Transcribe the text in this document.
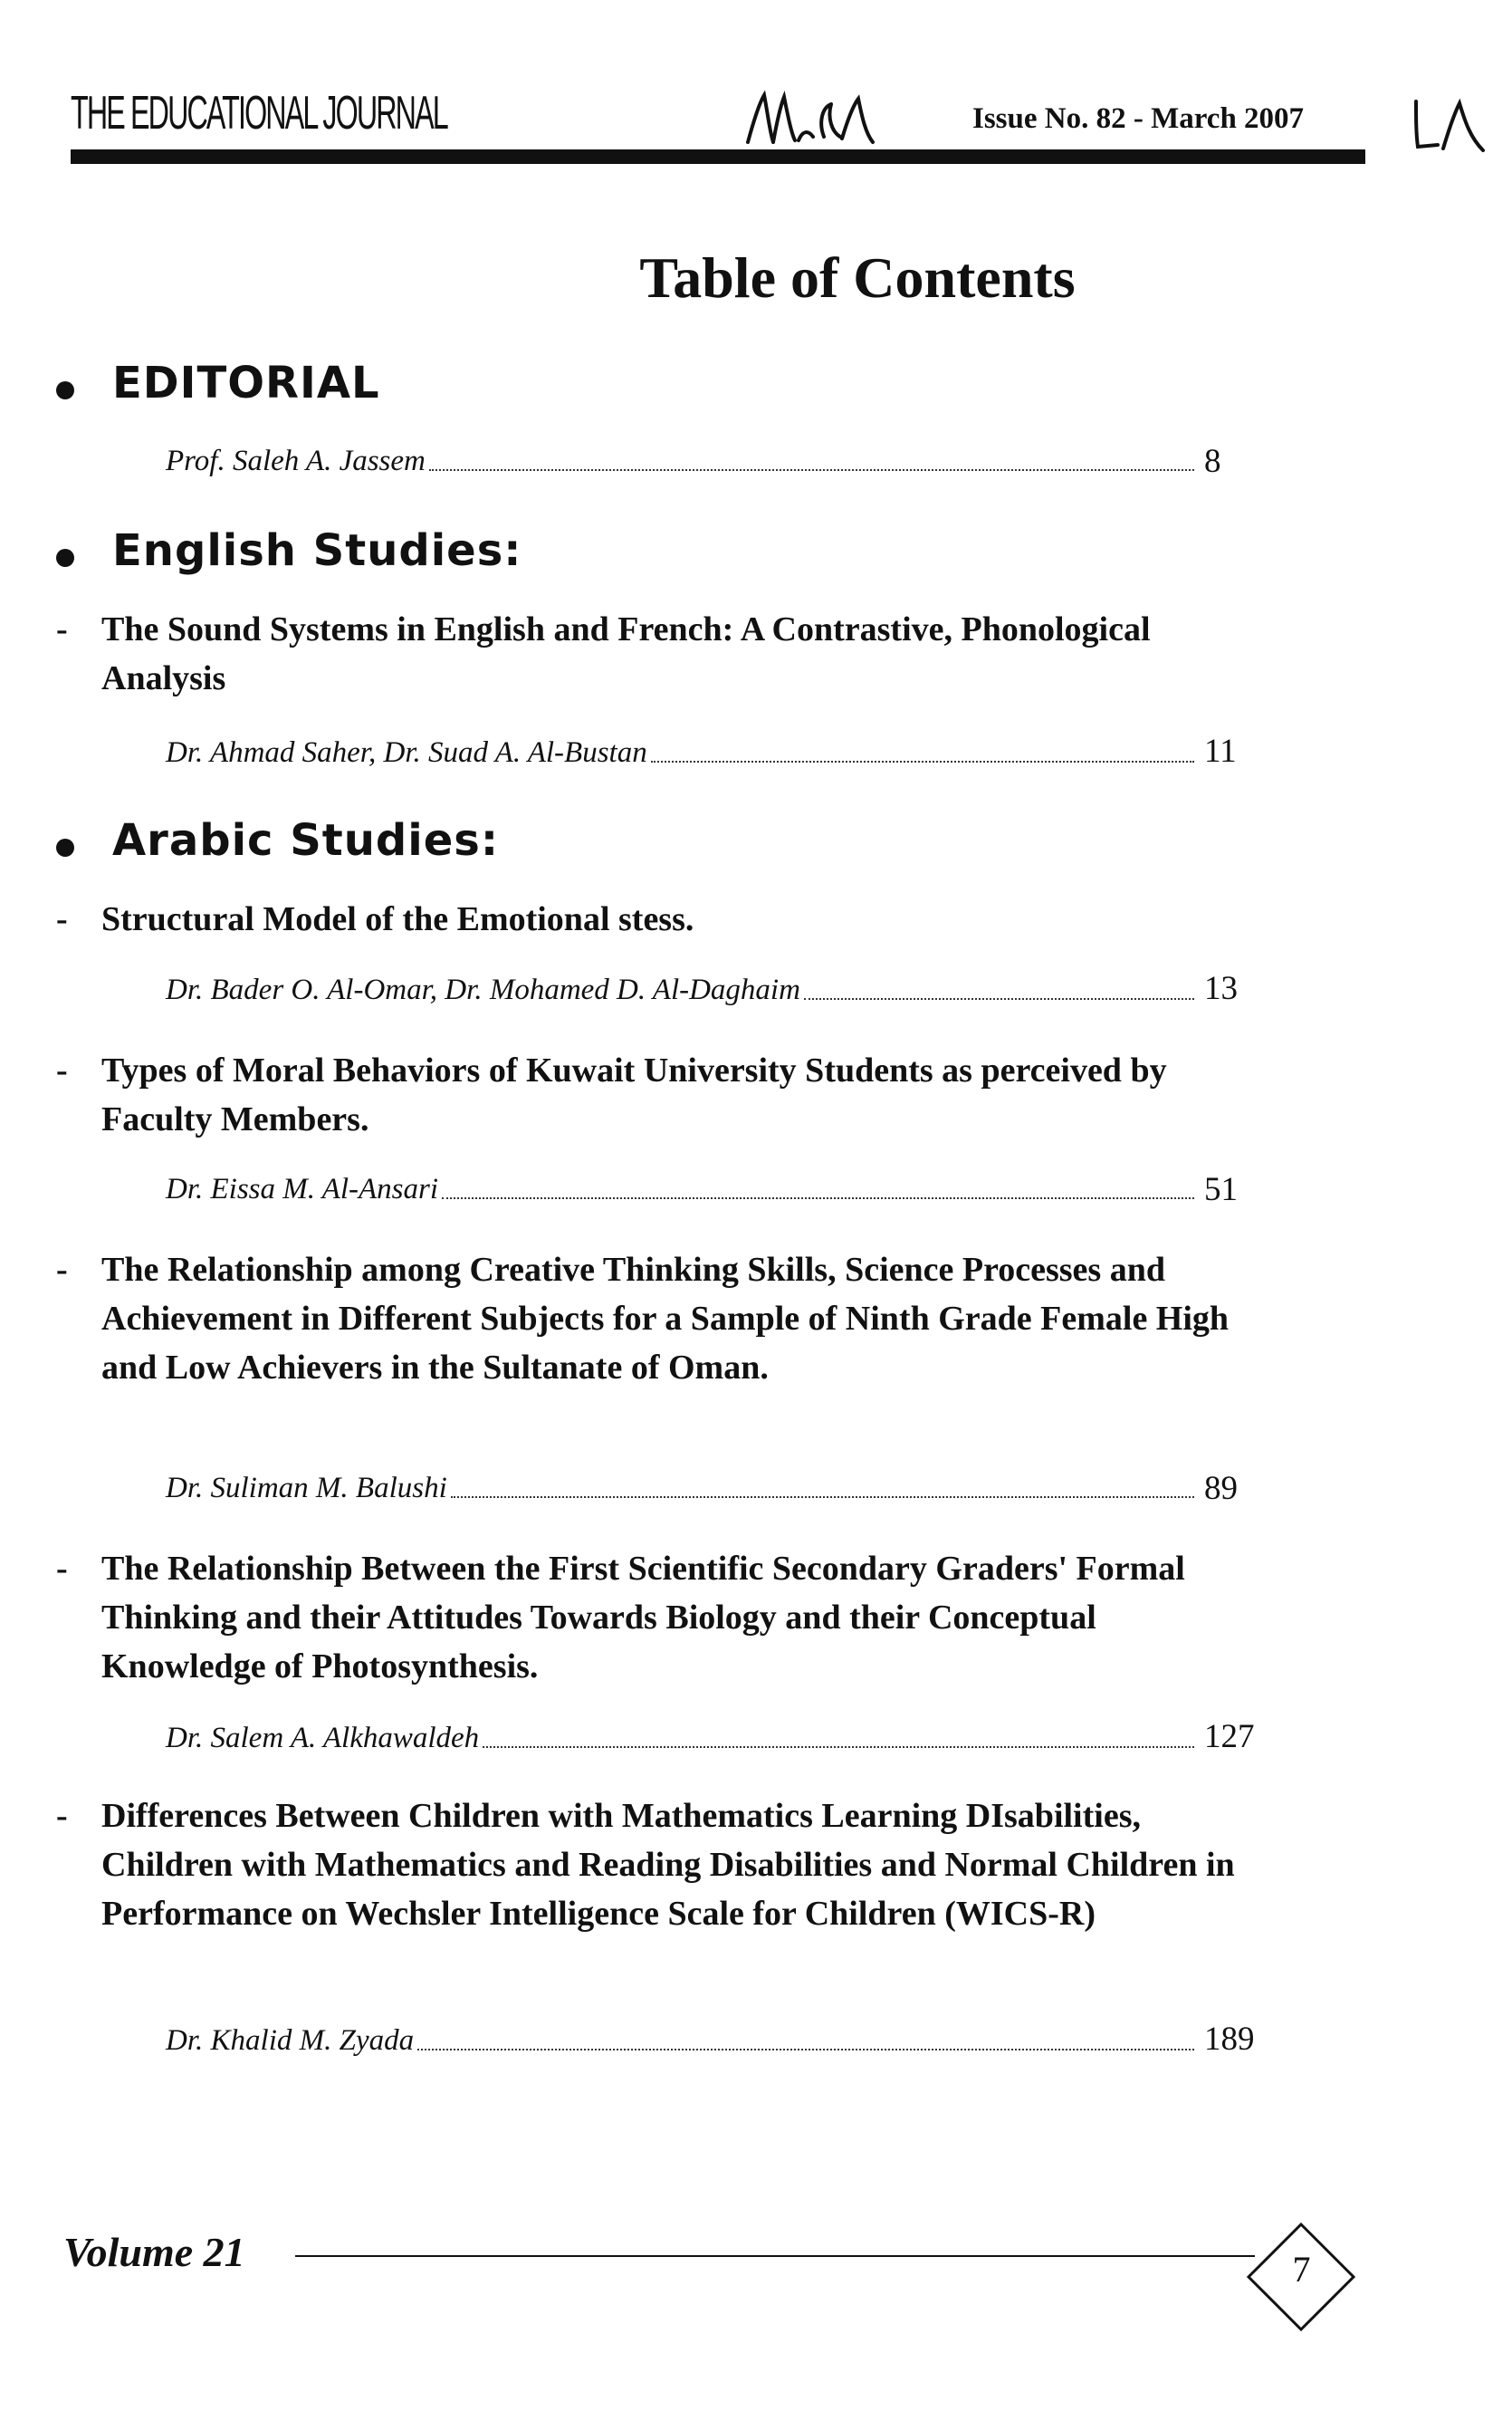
THE EDUCATIONAL JOURNAL	Issue No. 82 - March 2007
Table of Contents
EDITORIAL
Prof. Saleh A. Jassem	8
English Studies:
- The Sound Systems in English and French: A Contrastive, Phonological Analysis
Dr. Ahmad Saher, Dr. Suad A. Al-Bustan	11
Arabic Studies:
- Structural Model of the Emotional stess.
Dr. Bader O. Al-Omar, Dr. Mohamed D. Al-Daghaim	13
- Types of Moral Behaviors of Kuwait University Students as perceived by Faculty Members.
Dr. Eissa M. Al-Ansari	51
- The Relationship among Creative Thinking Skills, Science Processes and Achievement in Different Subjects for a Sample of Ninth Grade Female High and Low Achievers in the Sultanate of Oman.
Dr. Suliman M. Balushi	89
- The Relationship Between the First Scientific Secondary Graders' Formal Thinking and their Attitudes Towards Biology and their Conceptual Knowledge of Photosynthesis.
Dr. Salem A. Alkhawaldeh	127
- Differences Between Children with Mathematics Learning DIsabilities, Children with Mathematics and Reading Disabilities and Normal Children in Performance on Wechsler Intelligence Scale for Children (WICS-R)
Dr. Khalid M. Zyada	189
Volume 21	7
